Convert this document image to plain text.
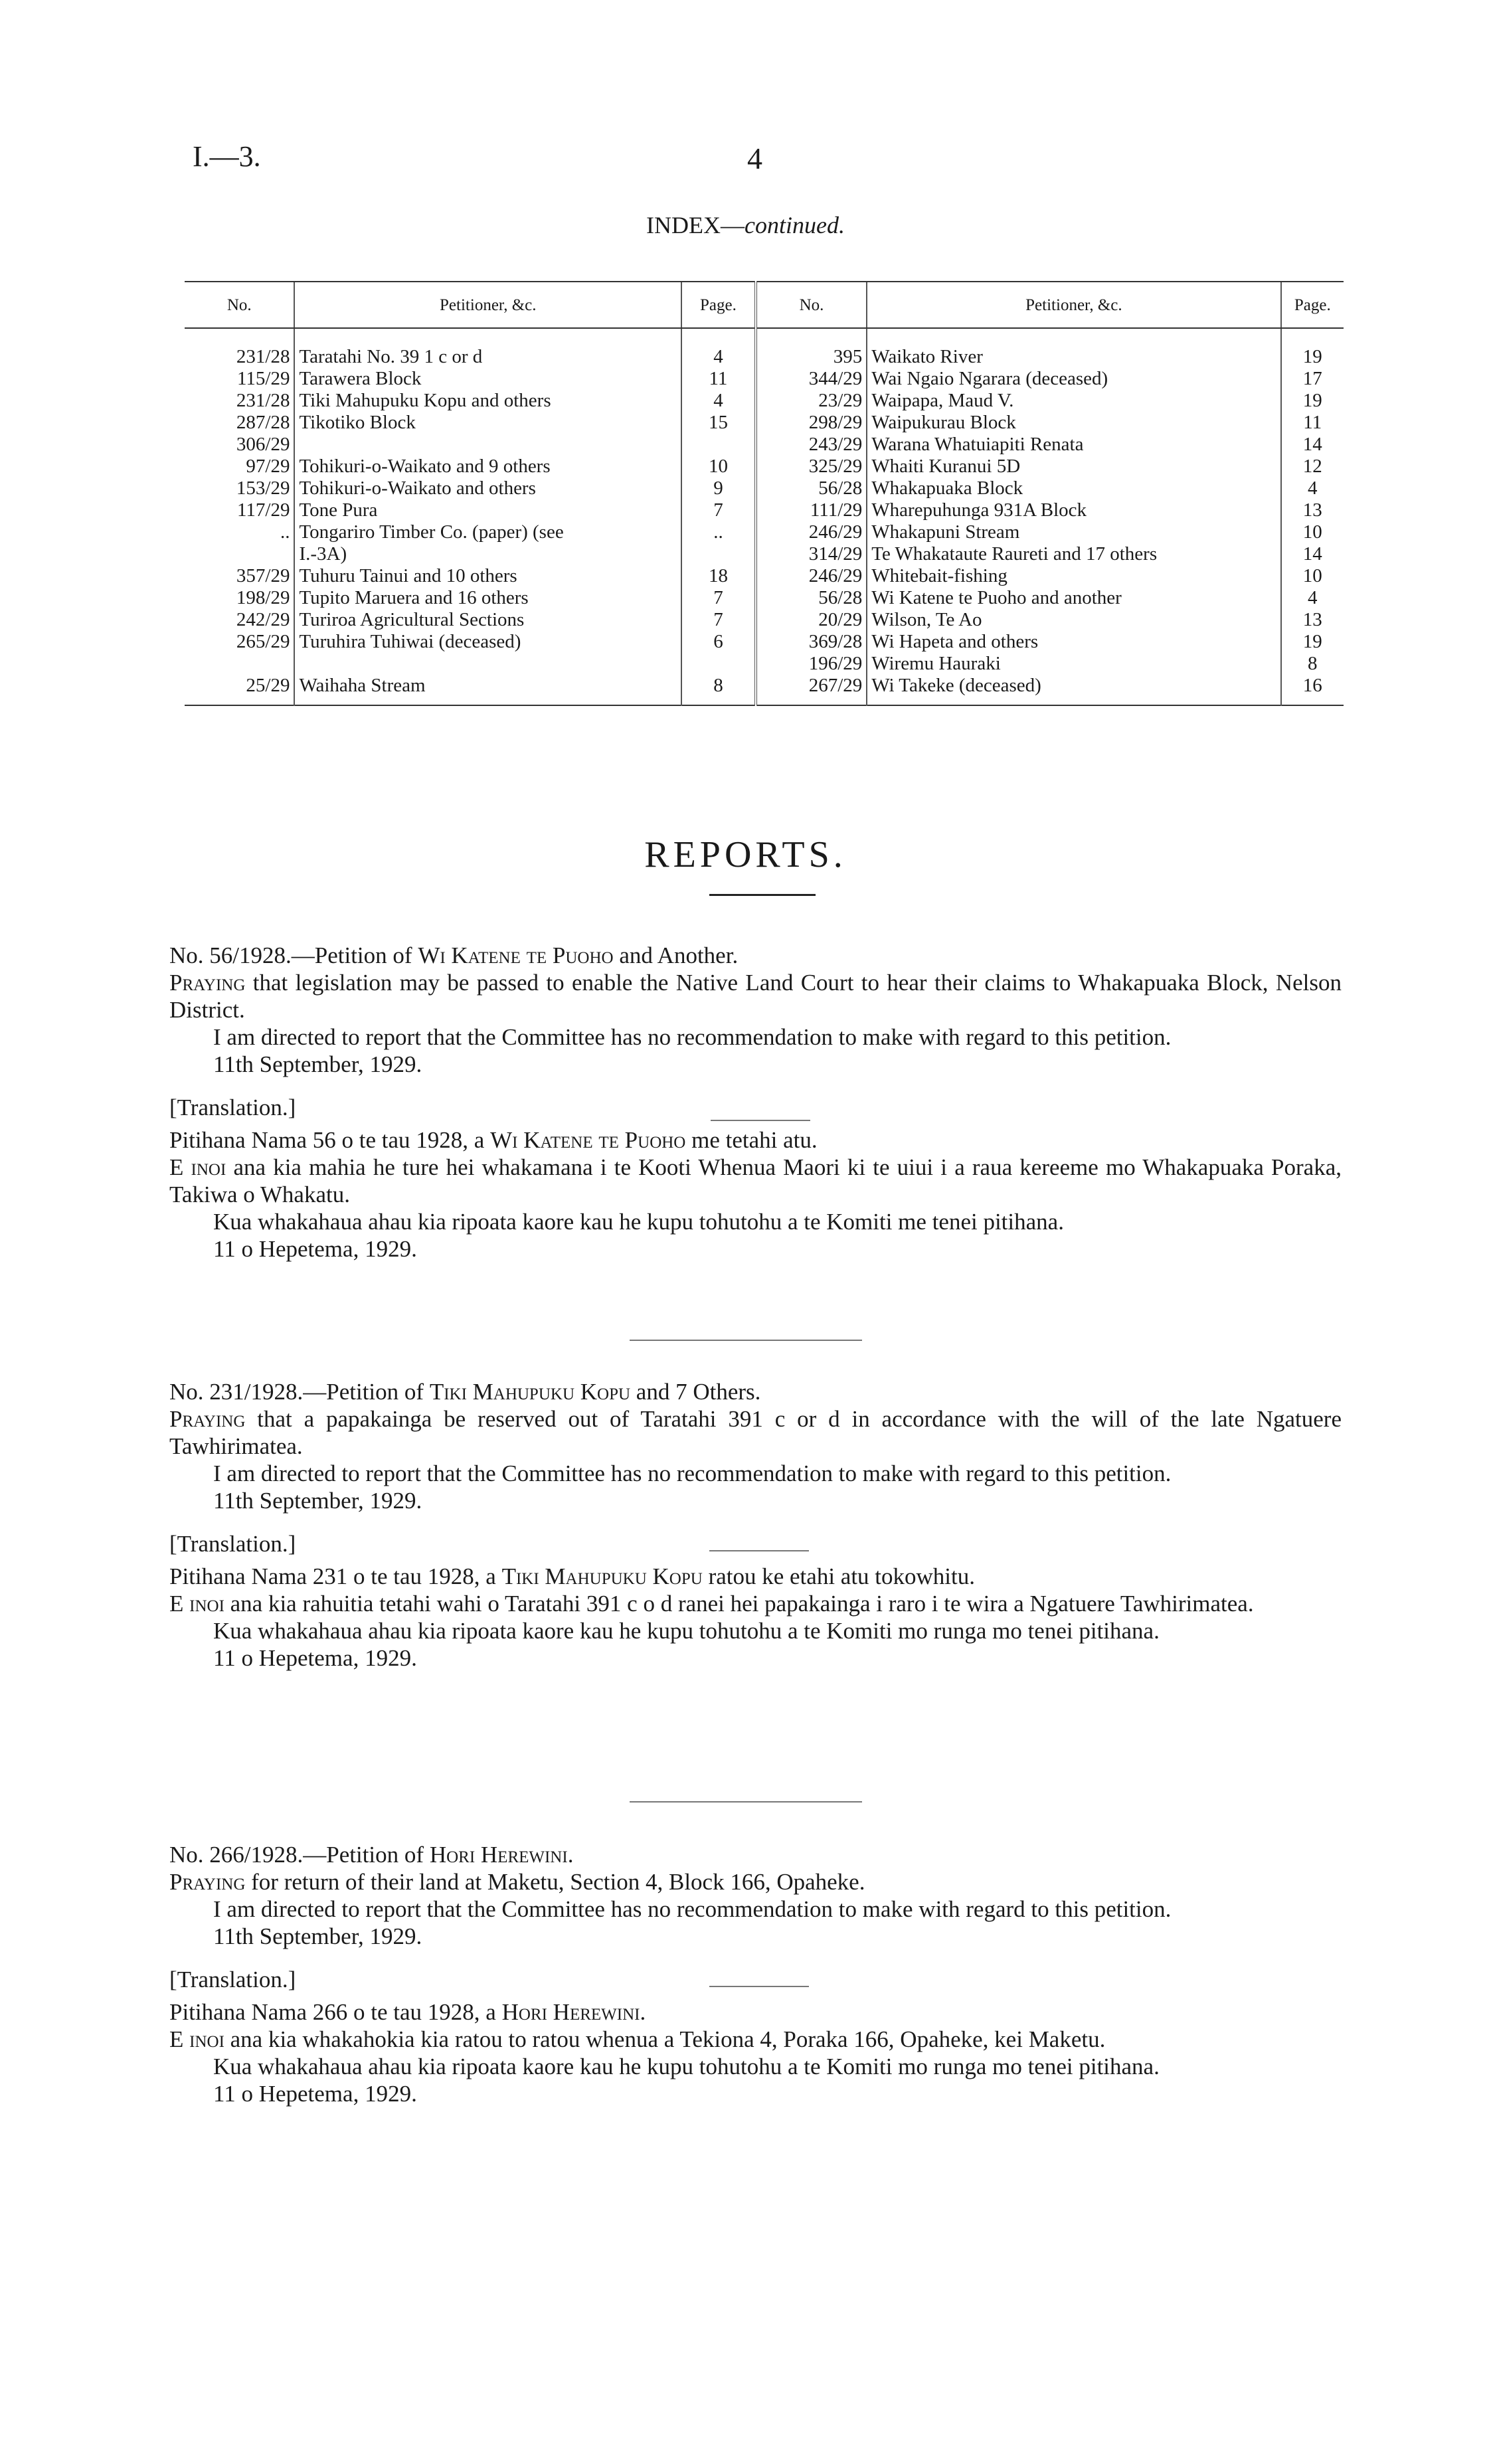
I.—3.	4
INDEX—continued.
No.	Petitioner, &c.	Page.	No.	Petitioner, &c.	Page.
231/28	Taratahi No. 39 1 c or d	4	395	Waikato River	19
115/29	Tarawera Block	11	344/29	Wai Ngaio Ngarara (deceased)	17
231/28	Tiki Mahupuku Kopu and others	4	23/29	Waipapa, Maud V.	19
287/28	Tikotiko Block	15	298/29	Waipukurau Block	11
306/29			243/29	Warana Whatuiapiti Renata	14
97/29	Tohikuri-o-Waikato and 9 others	10	325/29	Whaiti Kuranui 5D	12
153/29	Tohikuri-o-Waikato and others	9	56/28	Whakapuaka Block	4
117/29	Tone Pura	7	111/29	Wharepuhunga 931A Block	13
..	Tongariro Timber Co. (paper) (see	..	246/29	Whakapuni Stream	10
	I.-3A)		314/29	Te Whakataute Raureti and 17 others	14
357/29	Tuhuru Tainui and 10 others	18	246/29	Whitebait-fishing	10
198/29	Tupito Maruera and 16 others	7	56/28	Wi Katene te Puoho and another	4
242/29	Turiroa Agricultural Sections	7	20/29	Wilson, Te Ao	13
265/29	Turuhira Tuhiwai (deceased)	6	369/28	Wi Hapeta and others	19
			196/29	Wiremu Hauraki	8
25/29	Waihaha Stream	8	267/29	Wi Takeke (deceased)	16
REPORTS.

No. 56/1928.—Petition of Wi Katene te Puoho and Another.

Praying that legislation may be passed to enable the Native Land Court to hear their claims to Whakapuaka Block, Nelson District.

I am directed to report that the Committee has no recommendation to make with regard to this petition.

11th September, 1929.

[Translation.]

Pitihana Nama 56 o te tau 1928, a Wi Katene te Puoho me tetahi atu.

E inoi ana kia mahia he ture hei whakamana i te Kooti Whenua Maori ki te uiui i a raua kereeme mo Whakapuaka Poraka, Takiwa o Whakatu.

Kua whakahaua ahau kia ripoata kaore kau he kupu tohutohu a te Komiti me tenei pitihana.

11 o Hepetema, 1929.

No. 231/1928.—Petition of Tiki Mahupuku Kopu and 7 Others.

Praying that a papakainga be reserved out of Taratahi 391 c or d in accordance with the will of the late Ngatuere Tawhirimatea.

I am directed to report that the Committee has no recommendation to make with regard to this petition.

11th September, 1929.

[Translation.]

Pitihana Nama 231 o te tau 1928, a Tiki Mahupuku Kopu ratou ke etahi atu tokowhitu.

E inoi ana kia rahuitia tetahi wahi o Taratahi 391 c o d ranei hei papakainga i raro i te wira a Ngatuere Tawhirimatea.

Kua whakahaua ahau kia ripoata kaore kau he kupu tohutohu a te Komiti mo runga mo tenei pitihana.

11 o Hepetema, 1929.

No. 266/1928.—Petition of Hori Herewini.

Praying for return of their land at Maketu, Section 4, Block 166, Opaheke.

I am directed to report that the Committee has no recommendation to make with regard to this petition.

11th September, 1929.

[Translation.]

Pitihana Nama 266 o te tau 1928, a Hori Herewini.

E inoi ana kia whakahokia kia ratou to ratou whenua a Tekiona 4, Poraka 166, Opaheke, kei Maketu.

Kua whakahaua ahau kia ripoata kaore kau he kupu tohutohu a te Komiti mo runga mo tenei pitihana.

11 o Hepetema, 1929.
